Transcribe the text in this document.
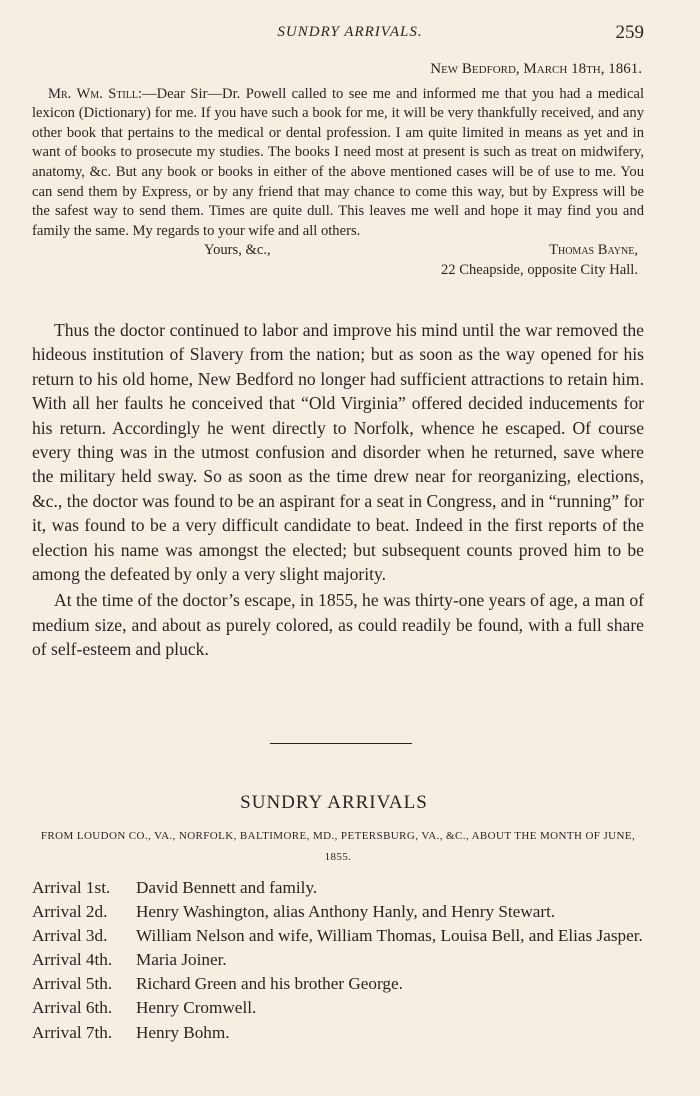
SUNDRY ARRIVALS.	259
New Bedford, March 18th, 1861.
Mr. Wm. Still:—Dear Sir—Dr. Powell called to see me and informed me that you had a medical lexicon (Dictionary) for me. If you have such a book for me, it will be very thankfully received, and any other book that pertains to the medical or dental profession. I am quite limited in means as yet and in want of books to prosecute my studies. The books I need most at present is such as treat on midwifery, anatomy, &c. But any book or books in either of the above mentioned cases will be of use to me. You can send them by Express, or by any friend that may chance to come this way, but by Express will be the safest way to send them. Times are quite dull. This leaves me well and hope it may find you and family the same. My regards to your wife and all others.
Yours, &c.,	Thomas Bayne,
22 Cheapside, opposite City Hall.

Thus the doctor continued to labor and improve his mind until the war removed the hideous institution of Slavery from the nation; but as soon as the way opened for his return to his old home, New Bedford no longer had sufficient attractions to retain him. With all her faults he conceived that “Old Virginia” offered decided inducements for his return. Accordingly he went directly to Norfolk, whence he escaped. Of course every thing was in the utmost confusion and disorder when he returned, save where the military held sway. So as soon as the time drew near for reorganizing, elections, &c., the doctor was found to be an aspirant for a seat in Congress, and in “running” for it, was found to be a very difficult candidate to beat. Indeed in the first reports of the election his name was amongst the elected; but subsequent counts proved him to be among the defeated by only a very slight majority.

At the time of the doctor’s escape, in 1855, he was thirty-one years of age, a man of medium size, and about as purely colored, as could readily be found, with a full share of self-esteem and pluck.

SUNDRY ARRIVALS
FROM LOUDON CO., VA., NORFOLK, BALTIMORE, MD., PETERSBURG, VA., &C., ABOUT THE MONTH OF JUNE, 1855.
Arrival 1st.	David Bennett and family.
Arrival 2d.	Henry Washington, alias Anthony Hanly, and Henry Stewart.
Arrival 3d.	William Nelson and wife, William Thomas, Louisa Bell, and Elias Jasper.
Arrival 4th.	Maria Joiner.
Arrival 5th.	Richard Green and his brother George.
Arrival 6th.	Henry Cromwell.
Arrival 7th.	Henry Bohm.
